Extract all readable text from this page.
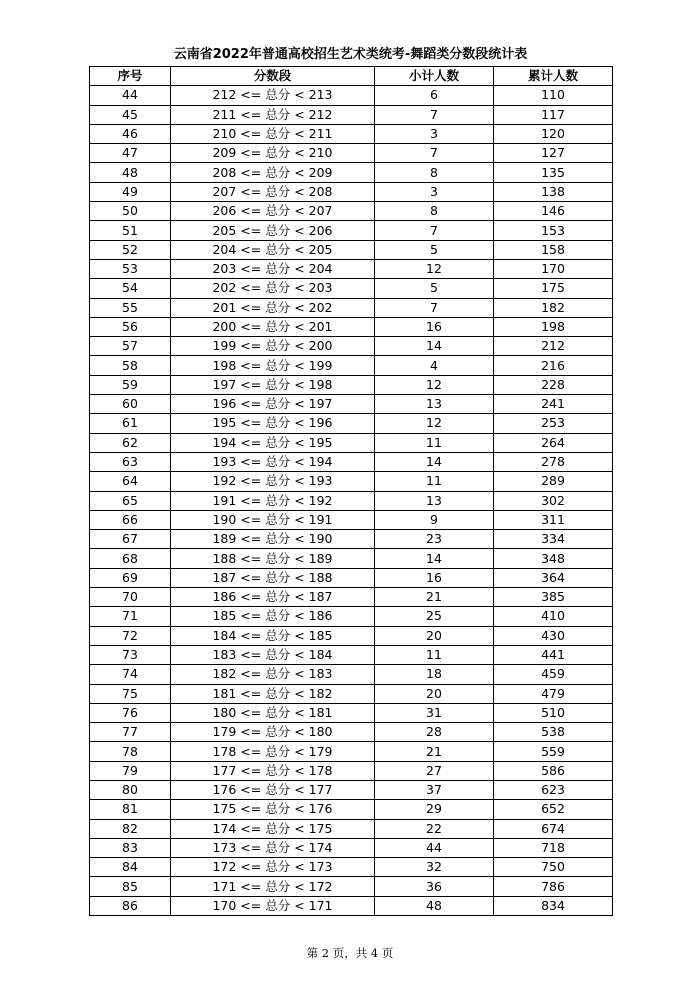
云南省2022年普通高校招生艺术类统考-舞蹈类分数段统计表
序号	分数段	小计人数	累计人数
44	212 <= 总分 < 213	6	110
45	211 <= 总分 < 212	7	117
46	210 <= 总分 < 211	3	120
47	209 <= 总分 < 210	7	127
48	208 <= 总分 < 209	8	135
49	207 <= 总分 < 208	3	138
50	206 <= 总分 < 207	8	146
51	205 <= 总分 < 206	7	153
52	204 <= 总分 < 205	5	158
53	203 <= 总分 < 204	12	170
54	202 <= 总分 < 203	5	175
55	201 <= 总分 < 202	7	182
56	200 <= 总分 < 201	16	198
57	199 <= 总分 < 200	14	212
58	198 <= 总分 < 199	4	216
59	197 <= 总分 < 198	12	228
60	196 <= 总分 < 197	13	241
61	195 <= 总分 < 196	12	253
62	194 <= 总分 < 195	11	264
63	193 <= 总分 < 194	14	278
64	192 <= 总分 < 193	11	289
65	191 <= 总分 < 192	13	302
66	190 <= 总分 < 191	9	311
67	189 <= 总分 < 190	23	334
68	188 <= 总分 < 189	14	348
69	187 <= 总分 < 188	16	364
70	186 <= 总分 < 187	21	385
71	185 <= 总分 < 186	25	410
72	184 <= 总分 < 185	20	430
73	183 <= 总分 < 184	11	441
74	182 <= 总分 < 183	18	459
75	181 <= 总分 < 182	20	479
76	180 <= 总分 < 181	31	510
77	179 <= 总分 < 180	28	538
78	178 <= 总分 < 179	21	559
79	177 <= 总分 < 178	27	586
80	176 <= 总分 < 177	37	623
81	175 <= 总分 < 176	29	652
82	174 <= 总分 < 175	22	674
83	173 <= 总分 < 174	44	718
84	172 <= 总分 < 173	32	750
85	171 <= 总分 < 172	36	786
86	170 <= 总分 < 171	48	834
第 2 页，共 4 页
